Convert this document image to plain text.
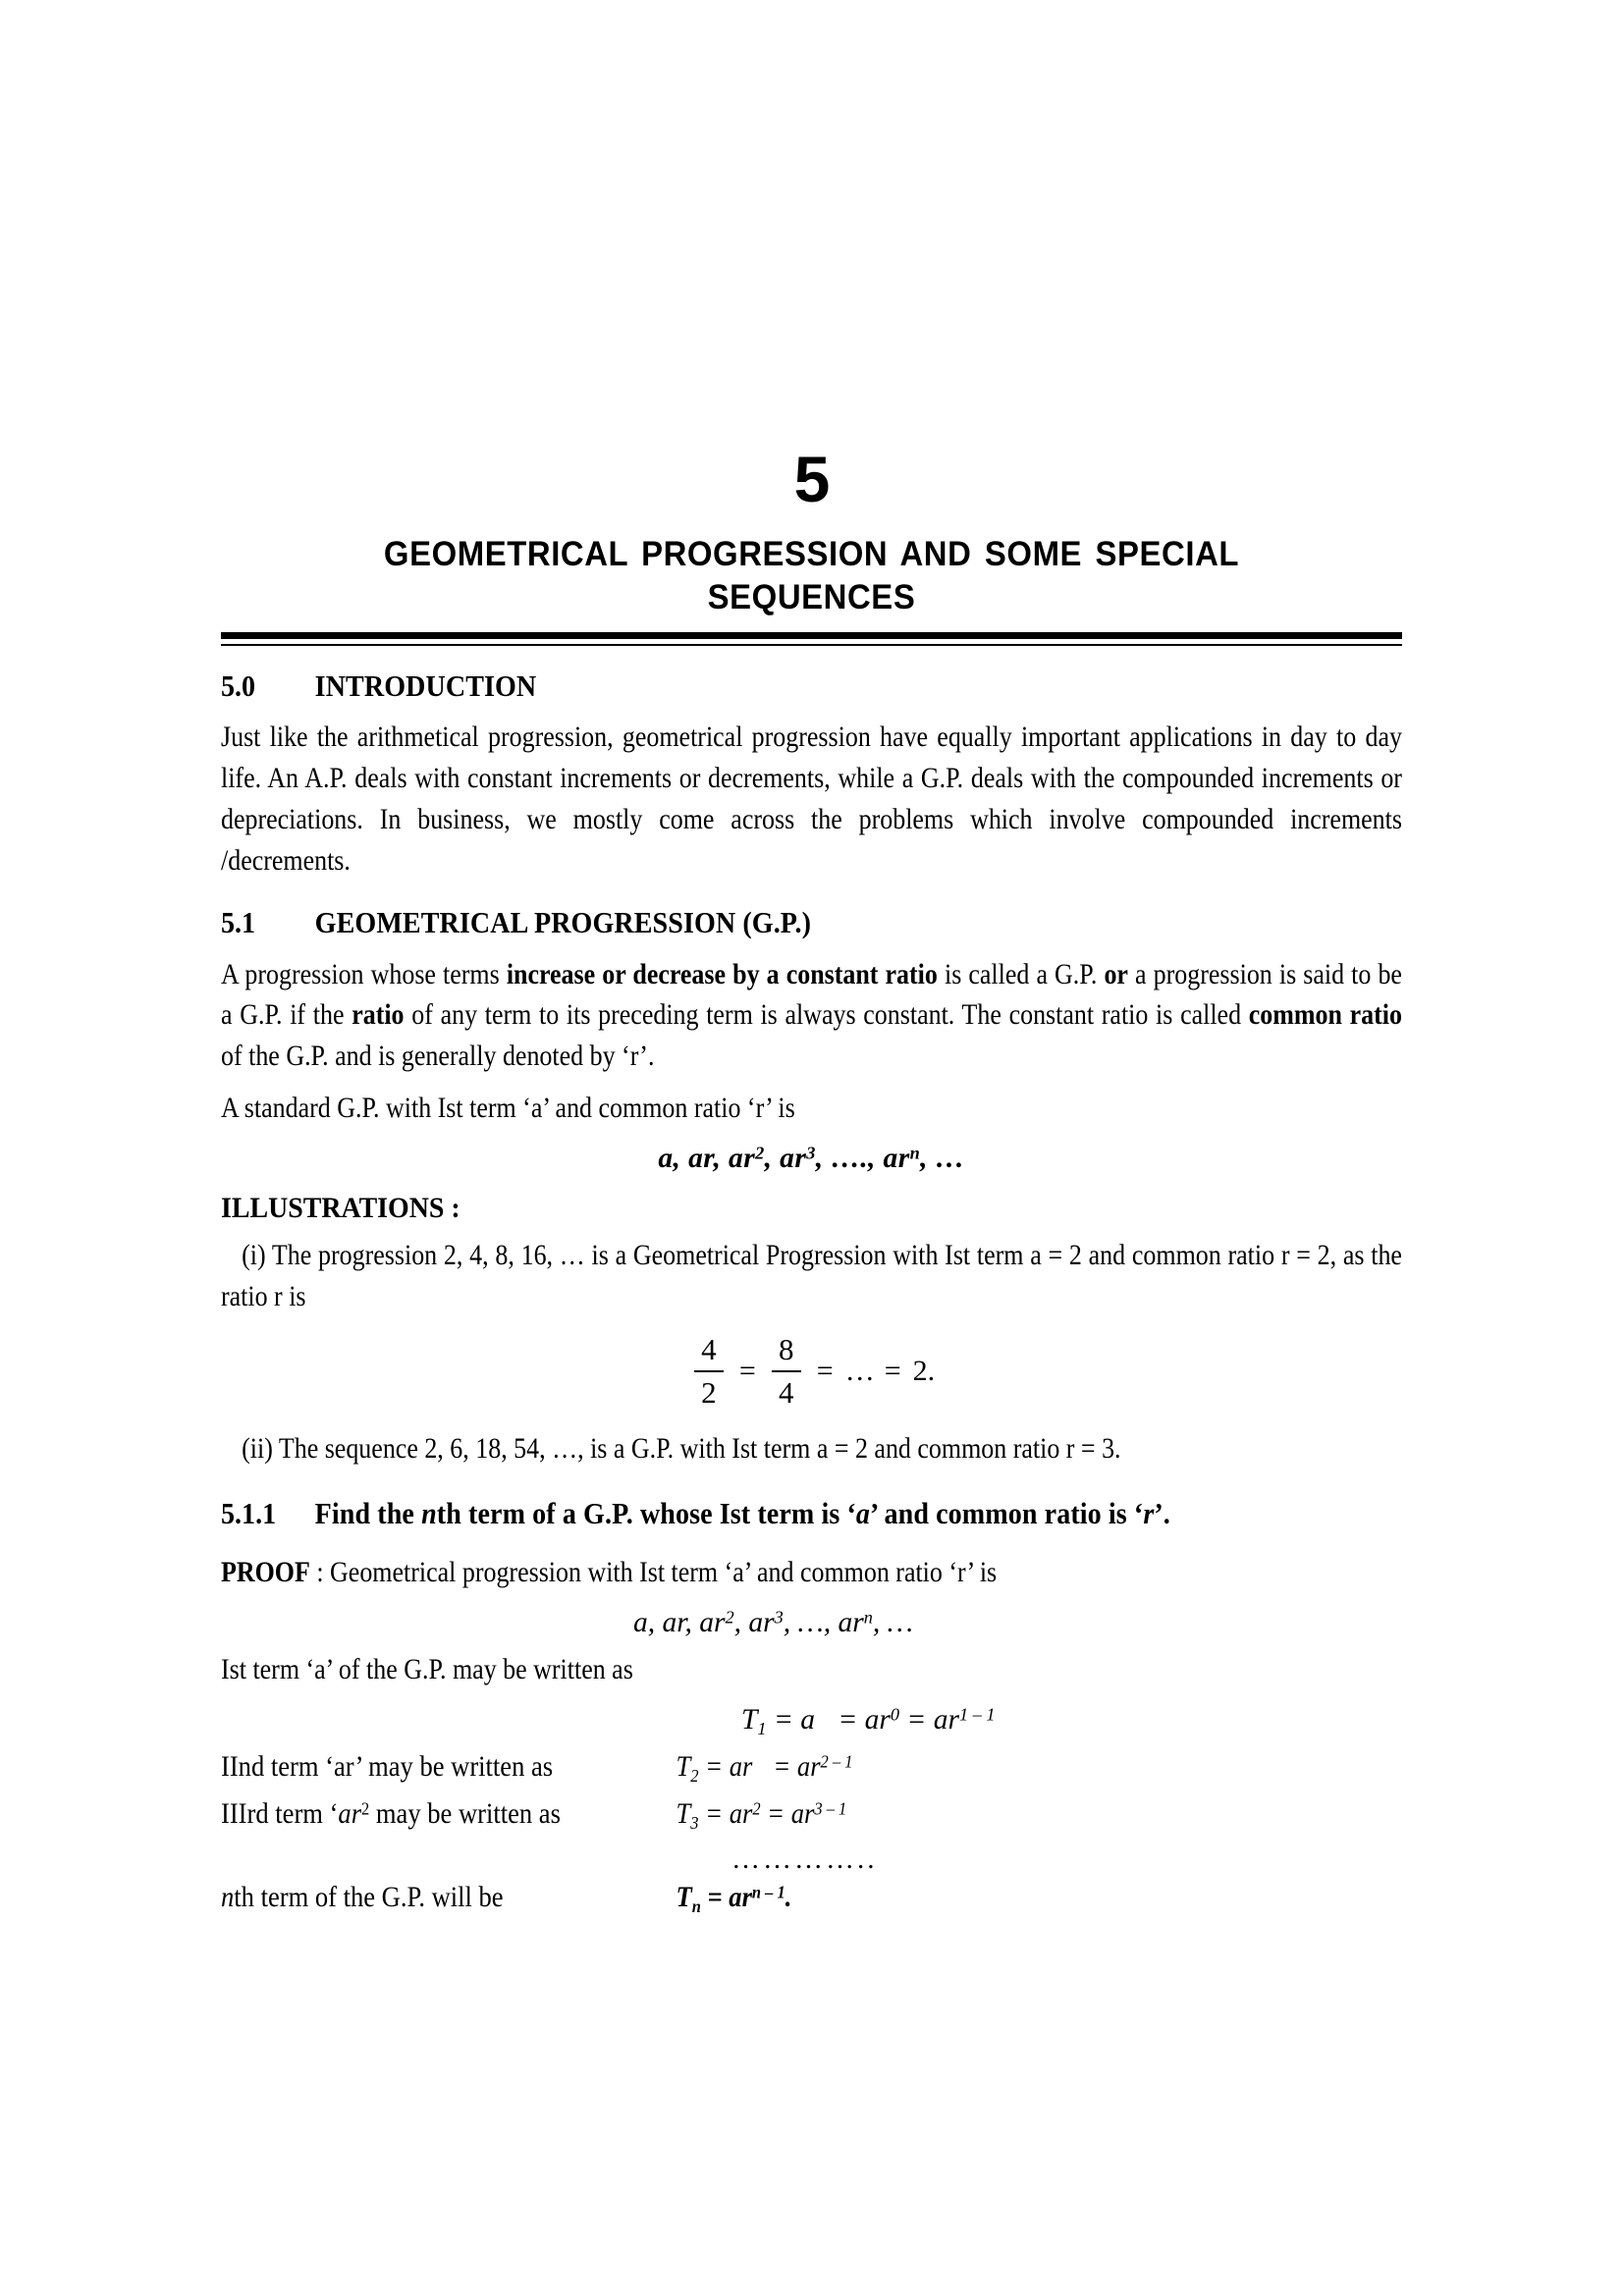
5
GEOMETRICAL PROGRESSION AND SOME SPECIAL
SEQUENCES
5.0	INTRODUCTION

Just like the arithmetical progression, geometrical progression have equally important applications in day to day life. An A.P. deals with constant increments or decrements, while a G.P. deals with the compounded increments or depreciations. In business, we mostly come across the problems which involve compounded increments /decrements.

5.1	GEOMETRICAL PROGRESSION (G.P.)

A progression whose terms increase or decrease by a constant ratio is called a G.P. or a progression is said to be a G.P. if the ratio of any term to its preceding term is always constant. The constant ratio is called common ratio of the G.P. and is generally denoted by ‘r’.

A standard G.P. with Ist term ‘a’ and common ratio ‘r’ is

a, ar, $ar^2$, $ar^3$, …., $ar^n$, …
ILLUSTRATIONS :

(i) The progression 2, 4, 8, 16, … is a Geometrical Progression with Ist term a = 2 and common ratio r = 2, as the ratio r is

$\frac{4}{2} = \frac{8}{4}$ = … = 2.

(ii) The sequence 2, 6, 18, 54, …, is a G.P. with Ist term a = 2 and common ratio r = 3.

5.1.1	Find the nth term of a G.P. whose Ist term is ‘a’ and common ratio is ‘r’.

PROOF : Geometrical progression with Ist term ‘a’ and common ratio ‘r’ is

a, ar, $ar^2$, $ar^3$, …, $ar^n$, …

Ist term ‘a’ of the G.P. may be written as

$T_1 = a = ar^0 = ar^{1 - 1}$
IInd term ‘ar’ may be written as	$T_2$ = ar = $ar^{2 - 1}$
IIIrd term ‘$ar^2$ may be written as	$T_3 = ar^2 = ar^{3 - 1}$
…………..
nth term of the G.P. will be	$T_n = ar^{n - 1}$.
